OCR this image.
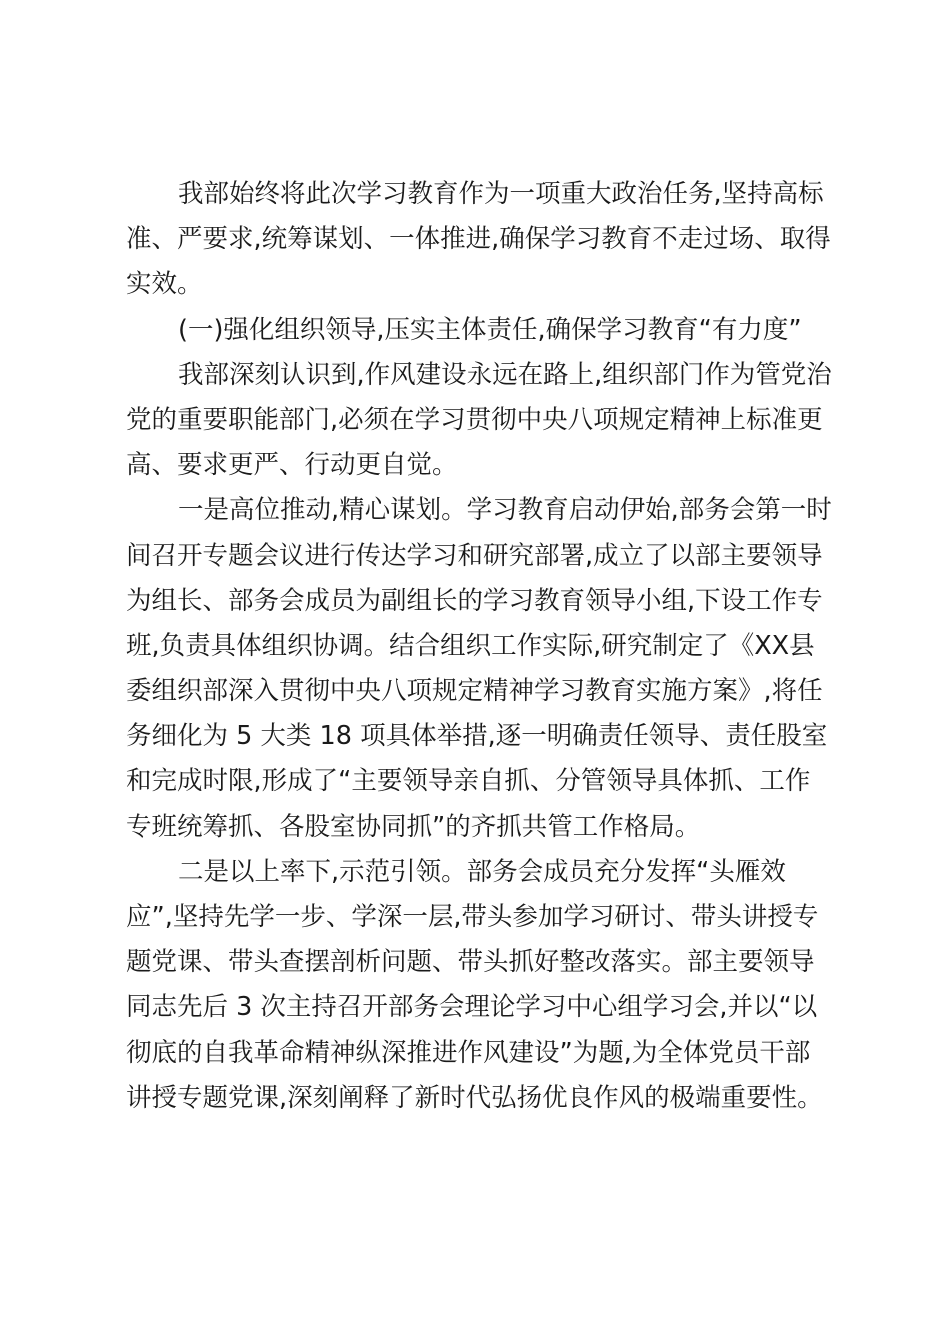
我部始终将此次学习教育作为一项重大政治任务,坚持高标
准、严要求,统筹谋划、一体推进,确保学习教育不走过场、取得
实效。
(一)强化组织领导,压实主体责任,确保学习教育“有力度”
我部深刻认识到,作风建设永远在路上,组织部门作为管党治
党的重要职能部门,必须在学习贯彻中央八项规定精神上标准更
高、要求更严、行动更自觉。
一是高位推动,精心谋划。学习教育启动伊始,部务会第一时
间召开专题会议进行传达学习和研究部署,成立了以部主要领导
为组长、部务会成员为副组长的学习教育领导小组,下设工作专
班,负责具体组织协调。结合组织工作实际,研究制定了《XX县
委组织部深入贯彻中央八项规定精神学习教育实施方案》,将任
务细化为 5 大类 18 项具体举措,逐一明确责任领导、责任股室
和完成时限,形成了“主要领导亲自抓、分管领导具体抓、工作
专班统筹抓、各股室协同抓”的齐抓共管工作格局。
二是以上率下,示范引领。部务会成员充分发挥“头雁效
应”,坚持先学一步、学深一层,带头参加学习研讨、带头讲授专
题党课、带头查摆剖析问题、带头抓好整改落实。部主要领导
同志先后 3 次主持召开部务会理论学习中心组学习会,并以“以
彻底的自我革命精神纵深推进作风建设”为题,为全体党员干部
讲授专题党课,深刻阐释了新时代弘扬优良作风的极端重要性。
